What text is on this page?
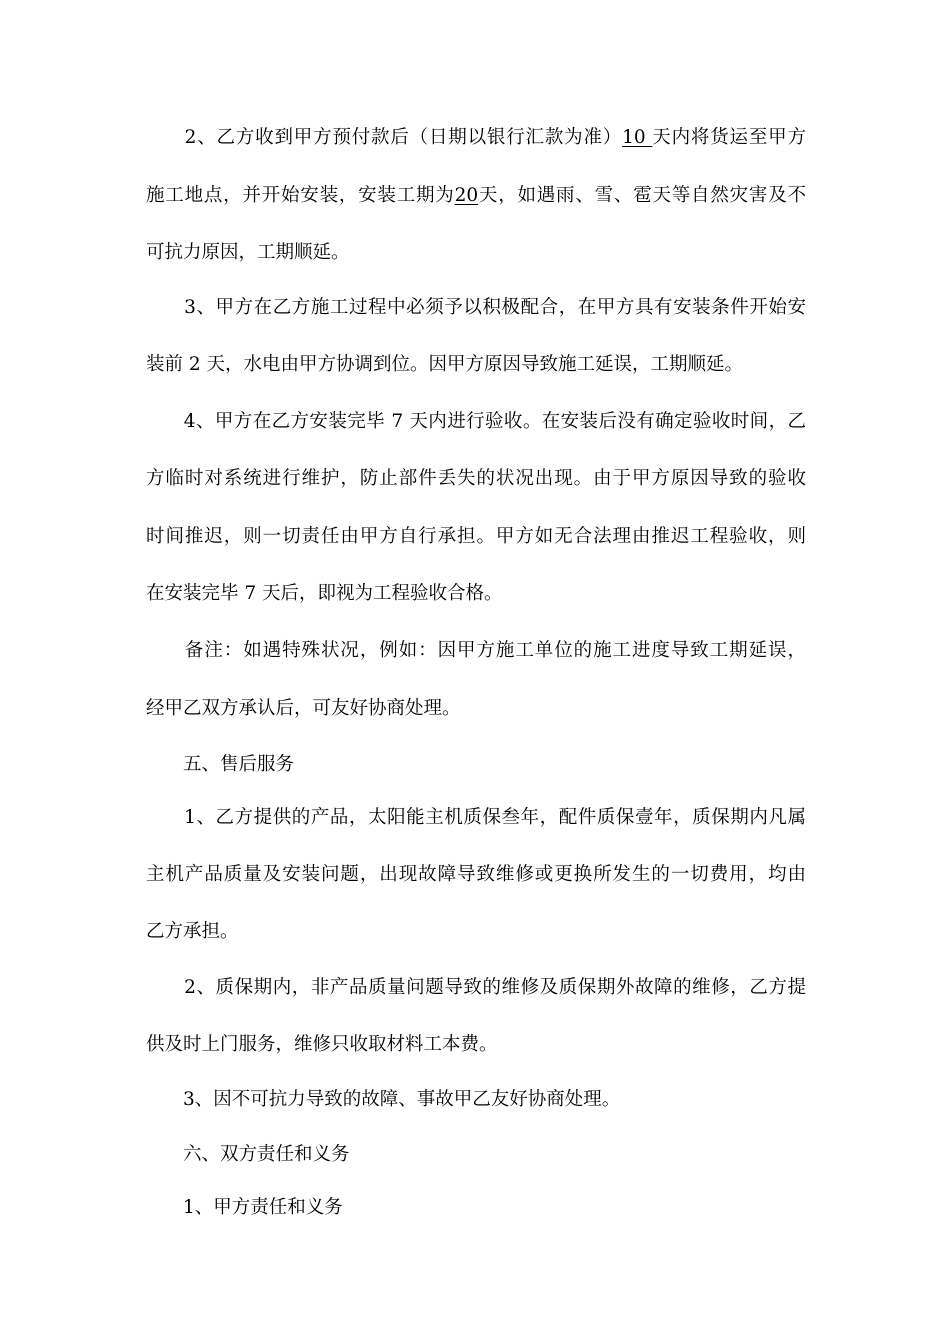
　　2、乙方收到甲方预付款后（日期以银行汇款为准）10 天内将货运至甲方
施工地点，并开始安装，安装工期为20天，如遇雨、雪、雹天等自然灾害及不
可抗力原因，工期顺延。
　　3、甲方在乙方施工过程中必须予以积极配合，在甲方具有安装条件开始安
装前 2 天，水电由甲方协调到位。因甲方原因导致施工延误，工期顺延。
　　4、甲方在乙方安装完毕 7 天内进行验收。在安装后没有确定验收时间，乙
方临时对系统进行维护，防止部件丢失的状况出现。由于甲方原因导致的验收
时间推迟，则一切责任由甲方自行承担。甲方如无合法理由推迟工程验收，则
在安装完毕 7 天后，即视为工程验收合格。
　　备注：如遇特殊状况，例如：因甲方施工单位的施工进度导致工期延误，
经甲乙双方承认后，可友好协商处理。
　　五、售后服务
　　1、乙方提供的产品，太阳能主机质保叁年，配件质保壹年，质保期内凡属
主机产品质量及安装问题，出现故障导致维修或更换所发生的一切费用，均由
乙方承担。
　　2、质保期内，非产品质量问题导致的维修及质保期外故障的维修，乙方提
供及时上门服务，维修只收取材料工本费。
　　3、因不可抗力导致的故障、事故甲乙友好协商处理。
　　六、双方责任和义务
　　1、甲方责任和义务
